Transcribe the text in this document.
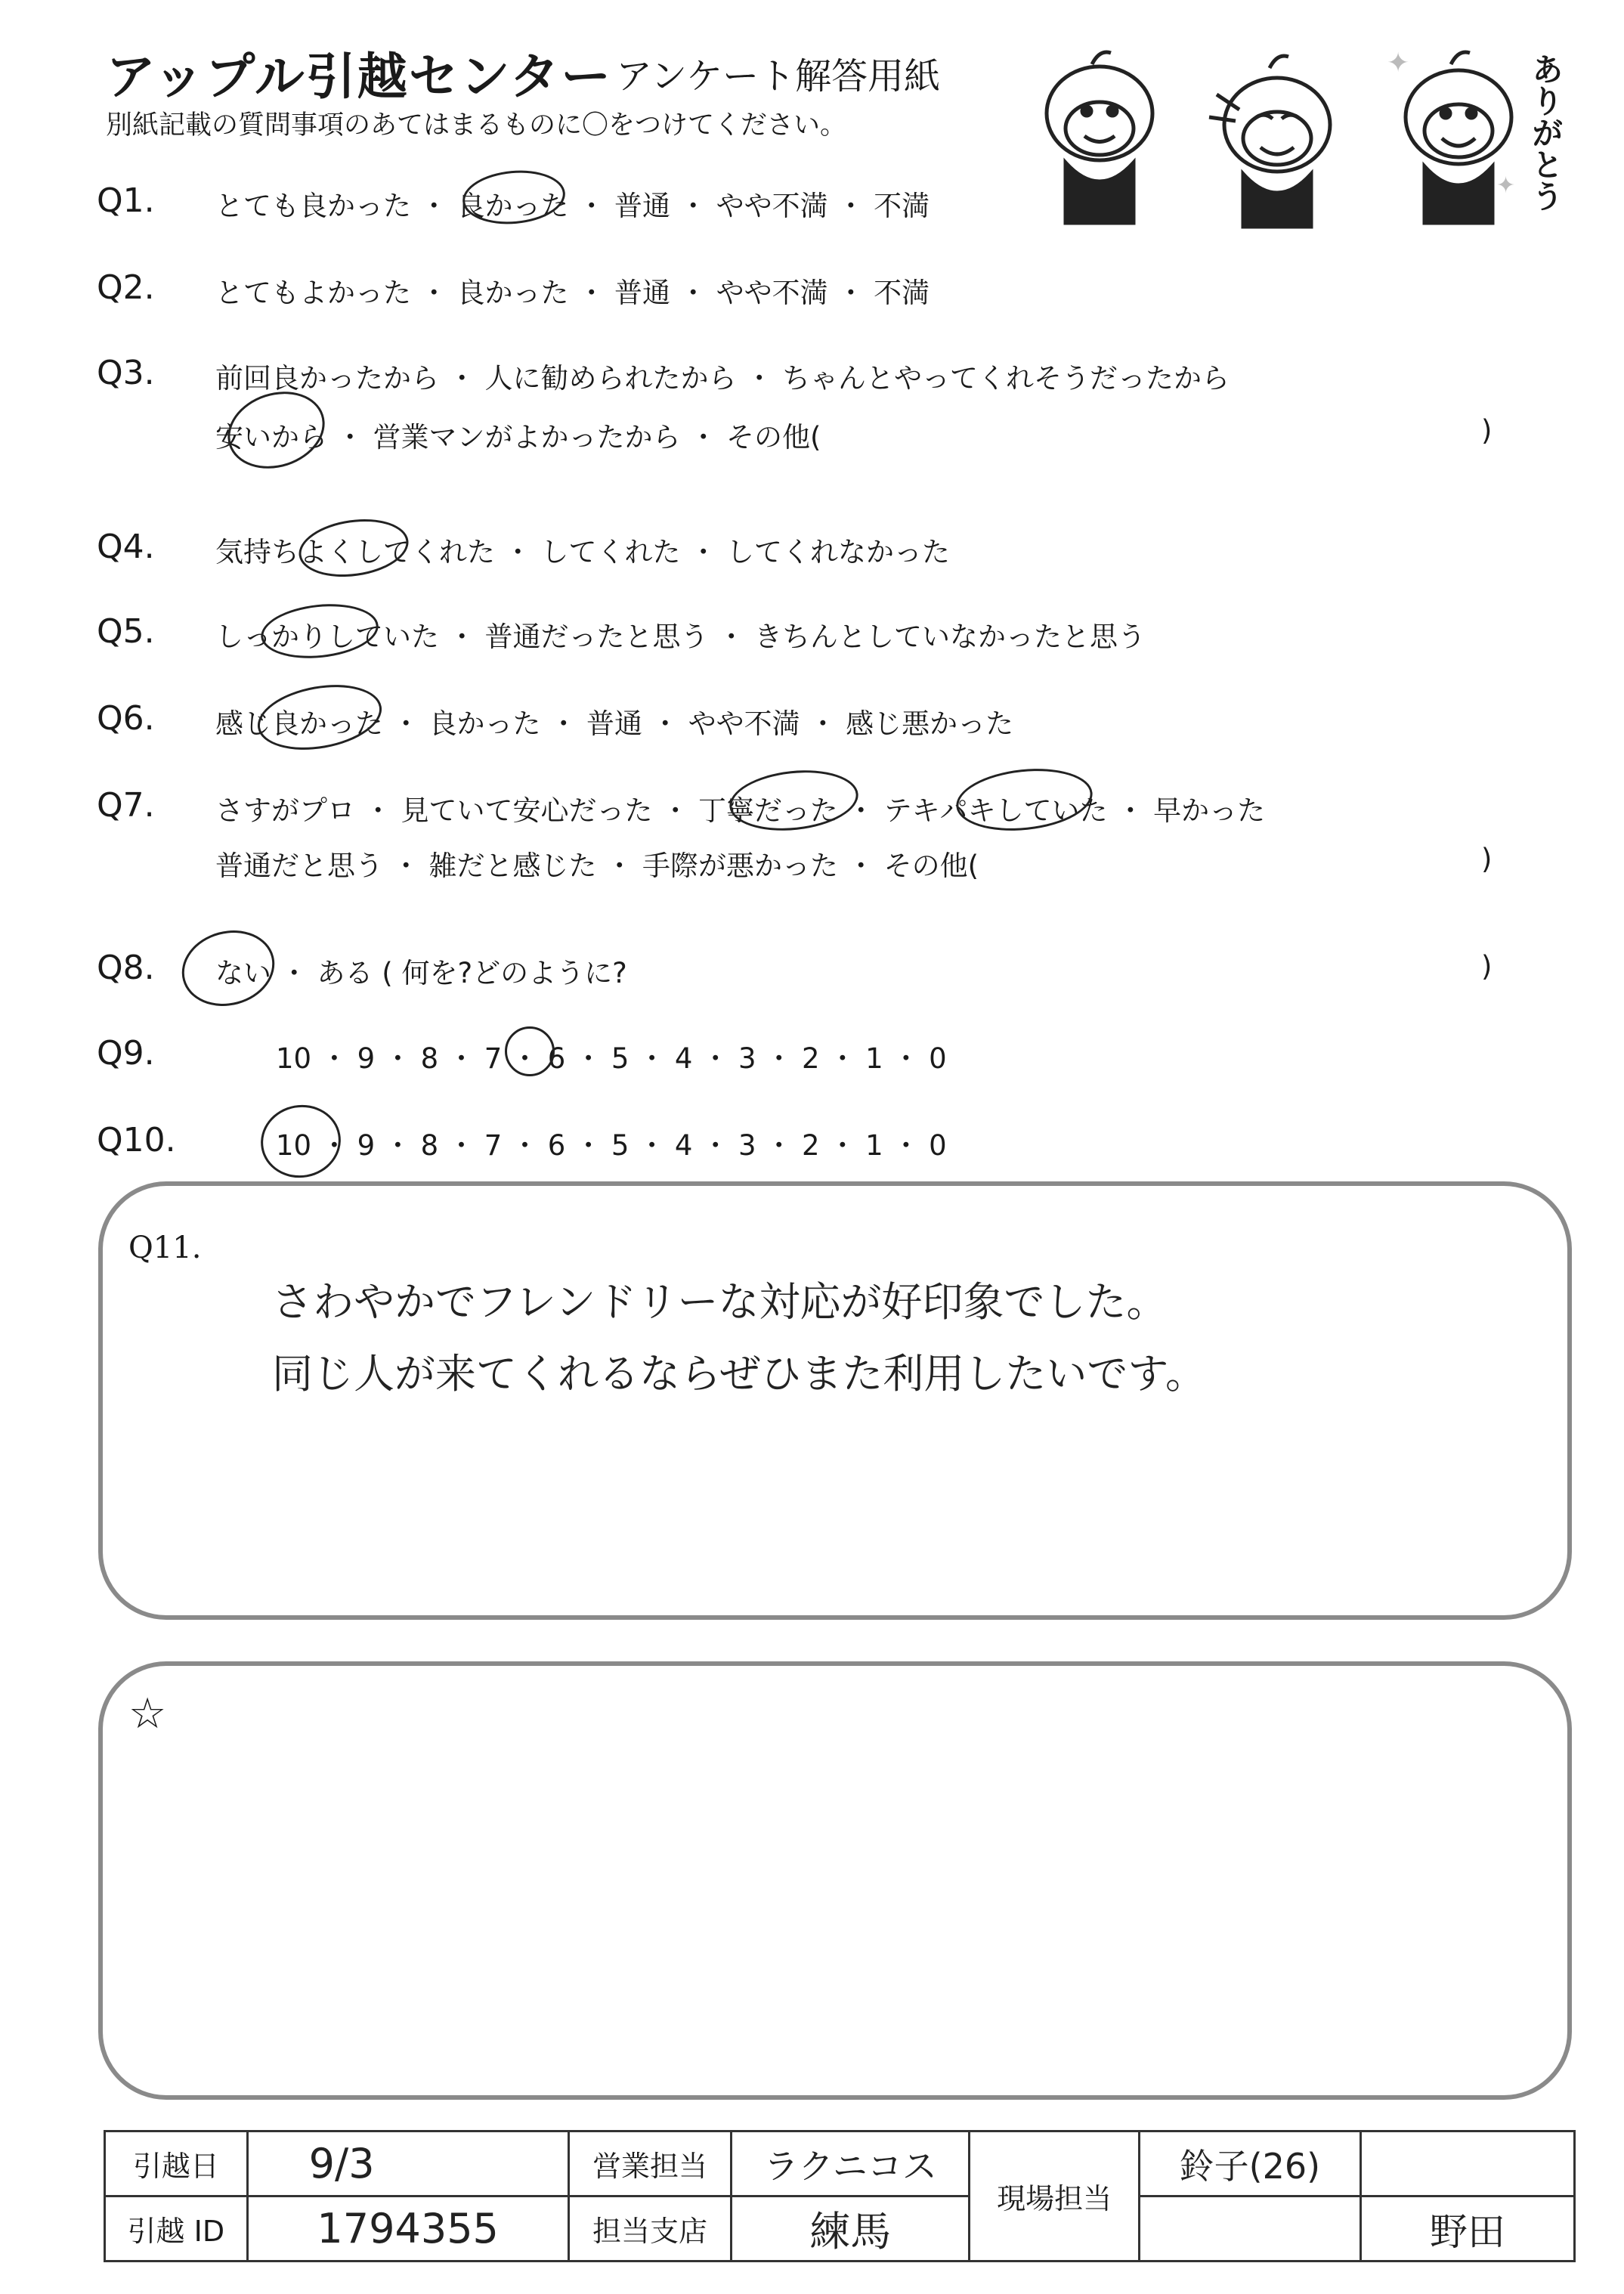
アップル引越センター アンケート解答用紙
別紙記載の質問事項のあてはまるものに〇をつけてください。
✦
✦ ありがとう
Q1. とても良かった ・ 良かった ・ 普通 ・ やや不満 ・ 不満
Q2. とてもよかった ・ 良かった ・ 普通 ・ やや不満 ・ 不満
Q3. 前回良かったから ・ 人に勧められたから ・ ちゃんとやってくれそうだったから
安いから ・ 営業マンがよかったから ・ その他(	)
Q4. 気持ちよくしてくれた ・ してくれた ・ してくれなかった
Q5. しっかりしていた ・ 普通だったと思う ・ きちんとしていなかったと思う
Q6. 感じ良かった ・ 良かった ・ 普通 ・ やや不満 ・ 感じ悪かった
Q7. さすがプロ ・ 見ていて安心だった ・ 丁寧だった ・ テキパキしていた ・ 早かった
普通だと思う ・ 雑だと感じた ・ 手際が悪かった ・ その他(	)
Q8. ない ・ ある ( 何を?どのように?	)
Q9.	10 ・ 9 ・ 8 ・ 7 ・ 6 ・ 5 ・ 4 ・ 3 ・ 2 ・ 1 ・ 0
Q10.	10 ・ 9 ・ 8 ・ 7 ・ 6 ・ 5 ・ 4 ・ 3 ・ 2 ・ 1 ・ 0
Q11.
さわやかでフレンドリーな対応が好印象でした。
同じ人が来てくれるならぜひまた利用したいです。
☆
引越日	9/3	営業担当	ラクニコス	現場担当	鈴子(26)	
引越 ID	1794355	担当支店	練馬			野田
